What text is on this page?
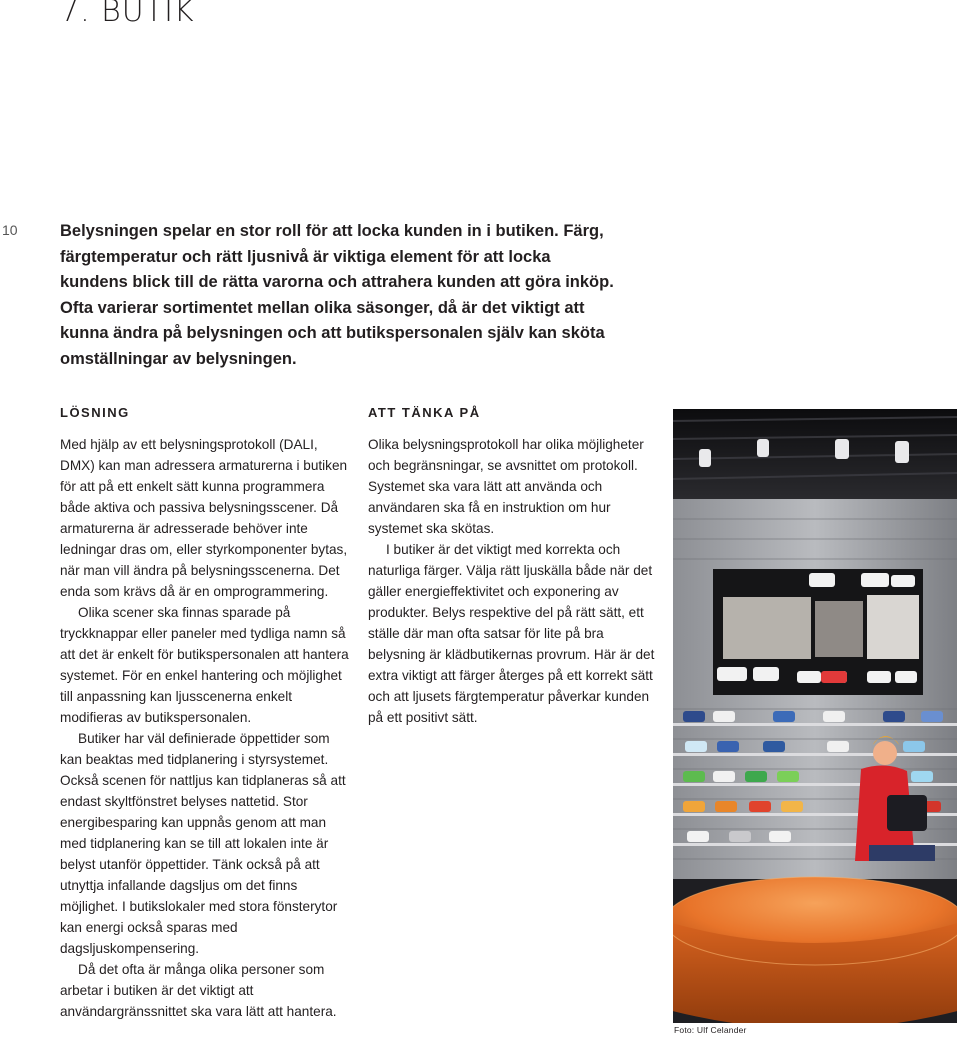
7. BUTIK
10	Belysningen spelar en stor roll för att locka kunden in i butiken. Färg, färgtemperatur och rätt ljusnivå är viktiga element för att locka kundens blick till de rätta varorna och attrahera kunden att göra inköp. Ofta varierar sortimentet mellan olika säsonger, då är det viktigt att kunna ändra på belysningen och att butikspersonalen själv kan sköta omställningar av belysningen.
LÖSNING

Med hjälp av ett belysningsprotokoll (DALI, DMX) kan man adressera armaturerna i butiken för att på ett enkelt sätt kunna programmera både aktiva och passiva belysningsscener. Då armaturerna är adresserade behöver inte ledningar dras om, eller styrkomponenter bytas, när man vill ändra på belysningsscenerna. Det enda som krävs då är en omprogrammering.

Olika scener ska finnas sparade på tryckknappar eller paneler med tydliga namn så att det är enkelt för butikspersonalen att hantera systemet. För en enkel hantering och möjlighet till anpassning kan ljusscenerna enkelt modifieras av butikspersonalen.

Butiker har väl definierade öppettider som kan beaktas med tidplanering i styrsystemet. Också scenen för nattljus kan tidplaneras så att endast skyltfönstret belyses nattetid. Stor energibesparing kan uppnås genom att man med tidplanering kan se till att lokalen inte är belyst utanför öppettider. Tänk också på att utnyttja infallande dagsljus om det finns möjlighet. I butikslokaler med stora fönsterytor kan energi också sparas med dagsljuskompensering.

Då det ofta är många olika personer som arbetar i butiken är det viktigt att användargränssnittet ska vara lätt att hantera.

ATT TÄNKA PÅ

Olika belysningsprotokoll har olika möjligheter och begränsningar, se avsnittet om protokoll. Systemet ska vara lätt att använda och användaren ska få en instruktion om hur systemet ska skötas.

I butiker är det viktigt med korrekta och naturliga färger. Välja rätt ljuskälla både när det gäller energieffektivitet och exponering av produkter. Belys respektive del på rätt sätt, ett ställe där man ofta satsar för lite på bra belysning är klädbutikernas provrum. Här är det extra viktigt att färger återges på ett korrekt sätt och att ljusets färgtemperatur påverkar kunden på ett positivt sätt.

Foto: Ulf Celander
